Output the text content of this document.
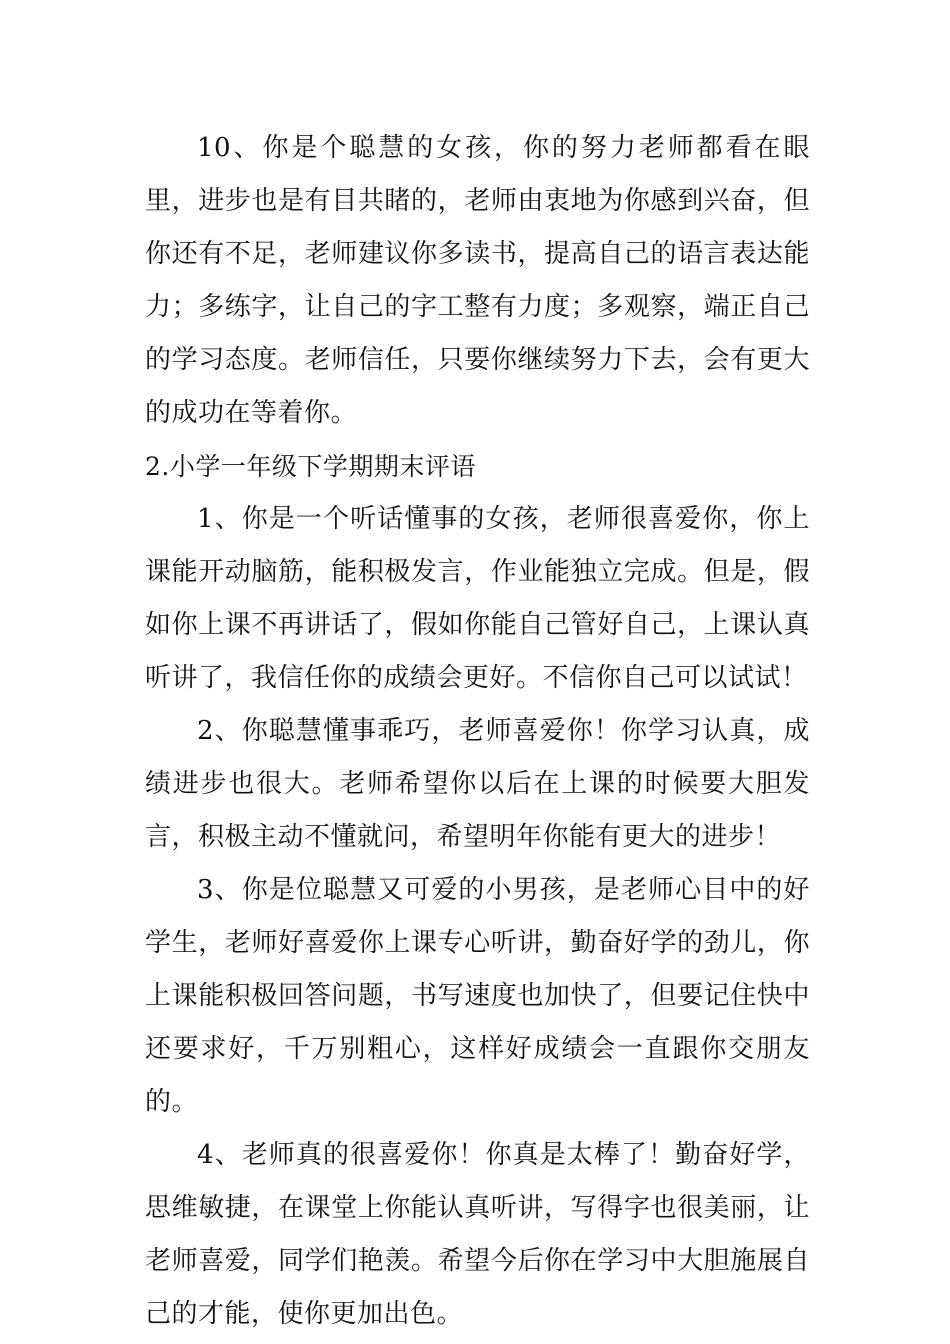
10、你是个聪慧的女孩，你的努力老师都看在眼里，进步也是有目共睹的，老师由衷地为你感到兴奋，但你还有不足，老师建议你多读书，提高自己的语言表达能力；多练字，让自己的字工整有力度；多观察，端正自己的学习态度。老师信任，只要你继续努力下去，会有更大的成功在等着你。

2.小学一年级下学期期末评语

1、你是一个听话懂事的女孩，老师很喜爱你，你上课能开动脑筋，能积极发言，作业能独立完成。但是，假如你上课不再讲话了，假如你能自己管好自己，上课认真听讲了，我信任你的成绩会更好。不信你自己可以试试！

2、你聪慧懂事乖巧，老师喜爱你！你学习认真，成绩进步也很大。老师希望你以后在上课的时候要大胆发言，积极主动不懂就问，希望明年你能有更大的进步！

3、你是位聪慧又可爱的小男孩，是老师心目中的好学生，老师好喜爱你上课专心听讲，勤奋好学的劲儿，你上课能积极回答问题，书写速度也加快了，但要记住快中还要求好，千万别粗心，这样好成绩会一直跟你交朋友的。

4、老师真的很喜爱你！你真是太棒了！勤奋好学，思维敏捷，在课堂上你能认真听讲，写得字也很美丽，让老师喜爱，同学们艳羡。希望今后你在学习中大胆施展自己的才能，使你更加出色。
